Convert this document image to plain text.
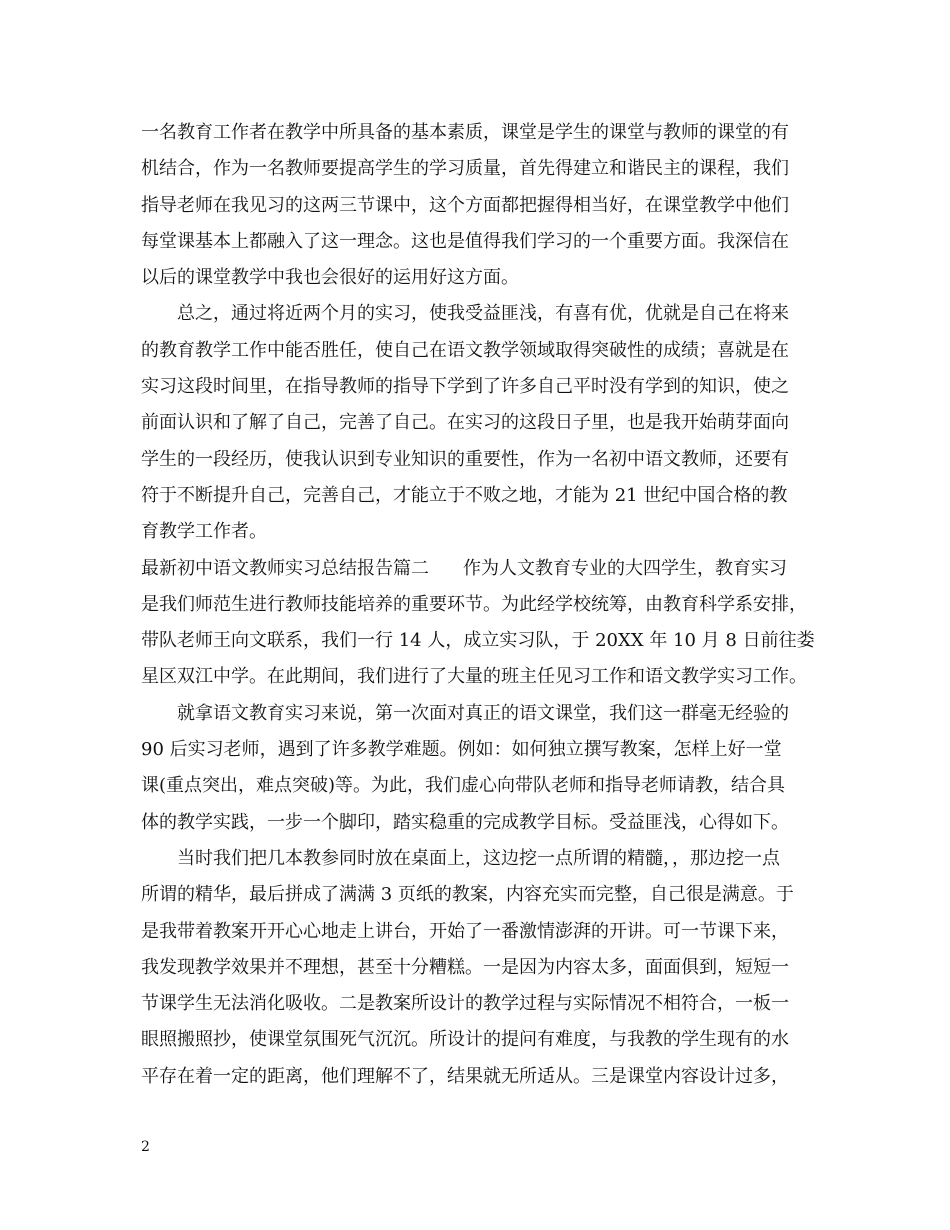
一名教育工作者在教学中所具备的基本素质，课堂是学生的课堂与教师的课堂的有
机结合，作为一名教师要提高学生的学习质量，首先得建立和谐民主的课程，我们
指导老师在我见习的这两三节课中，这个方面都把握得相当好，在课堂教学中他们
每堂课基本上都融入了这一理念。这也是值得我们学习的一个重要方面。我深信在
以后的课堂教学中我也会很好的运用好这方面。
总之，通过将近两个月的实习，使我受益匪浅，有喜有优，优就是自己在将来
的教育教学工作中能否胜任，使自己在语文教学领域取得突破性的成绩；喜就是在
实习这段时间里，在指导教师的指导下学到了许多自己平时没有学到的知识，使之
前面认识和了解了自己，完善了自己。在实习的这段日子里，也是我开始萌芽面向
学生的一段经历，使我认识到专业知识的重要性，作为一名初中语文教师，还要有
符于不断提升自己，完善自己，才能立于不败之地，才能为 21 世纪中国合格的教
育教学工作者。
最新初中语文教师实习总结报告篇二 作为人文教育专业的大四学生，教育实习
是我们师范生进行教师技能培养的重要环节。为此经学校统筹，由教育科学系安排，
带队老师王向文联系，我们一行 14 人，成立实习队，于 20XX 年 10 月 8 日前往娄
星区双江中学。在此期间，我们进行了大量的班主任见习工作和语文教学实习工作。
就拿语文教育实习来说，第一次面对真正的语文课堂，我们这一群毫无经验的
90 后实习老师，遇到了许多教学难题。例如：如何独立撰写教案，怎样上好一堂
课(重点突出，难点突破)等。为此，我们虚心向带队老师和指导老师请教，结合具
体的教学实践，一步一个脚印，踏实稳重的完成教学目标。受益匪浅，心得如下。
当时我们把几本教参同时放在桌面上，这边挖一点所谓的精髓，，那边挖一点
所谓的精华，最后拼成了满满 3 页纸的教案，内容充实而完整，自己很是满意。于
是我带着教案开开心心地走上讲台，开始了一番激情澎湃的开讲。可一节课下来，
我发现教学效果并不理想，甚至十分糟糕。一是因为内容太多，面面俱到，短短一
节课学生无法消化吸收。二是教案所设计的教学过程与实际情况不相符合，一板一
眼照搬照抄，使课堂氛围死气沉沉。所设计的提问有难度，与我教的学生现有的水
平存在着一定的距离，他们理解不了，结果就无所适从。三是课堂内容设计过多，
2
